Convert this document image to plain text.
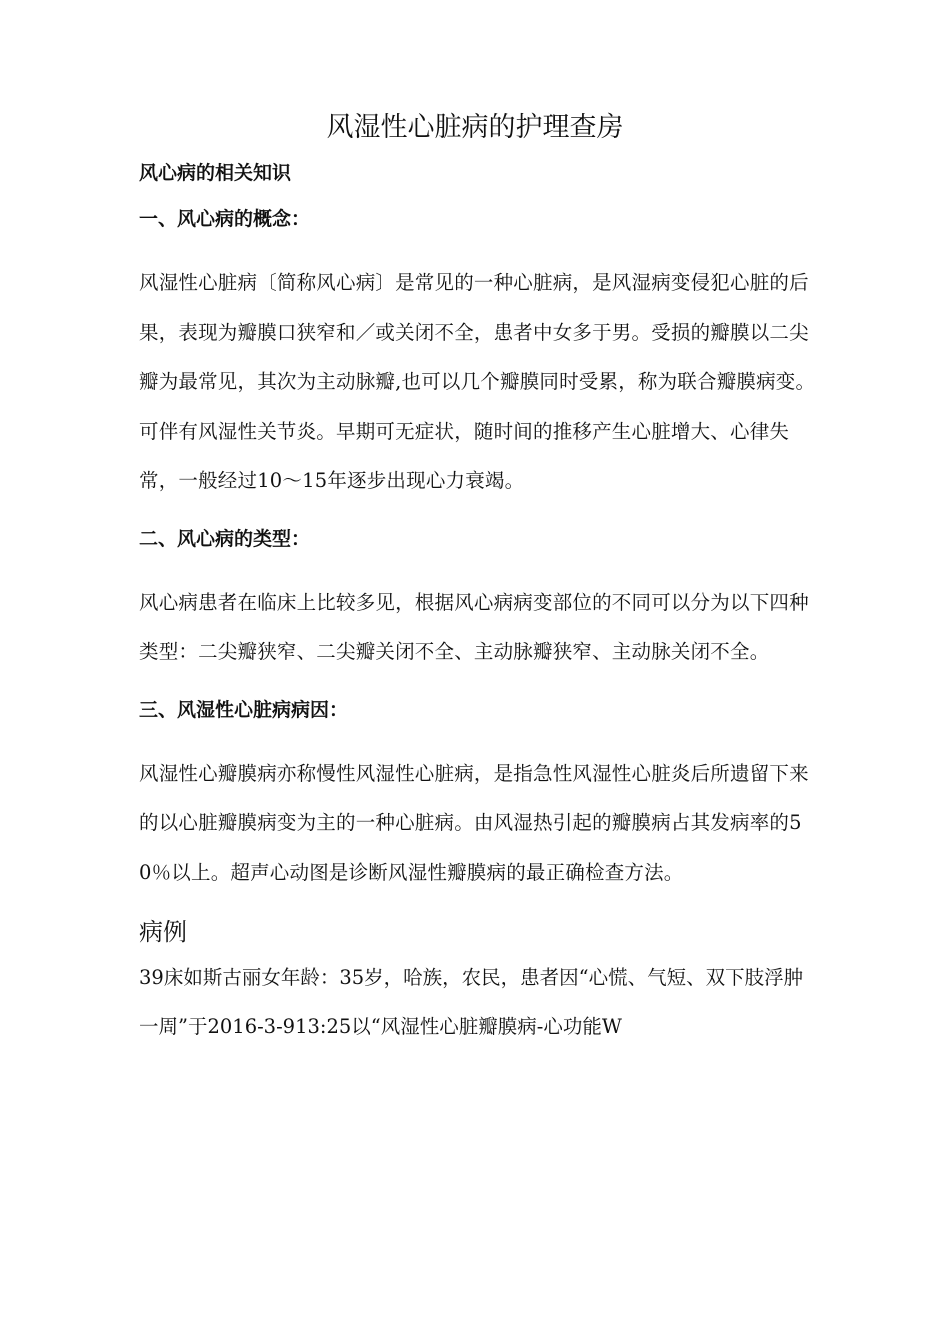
风湿性心脏病的护理查房

风心病的相关知识

一、风心病的概念：

风湿性心脏病〔简称风心病〕是常见的一种心脏病，是风湿病变侵犯心脏的后果，表现为瓣膜口狭窄和／或关闭不全，患者中女多于男。受损的瓣膜以二尖瓣为最常见，其次为主动脉瓣,也可以几个瓣膜同时受累，称为联合瓣膜病变。可伴有风湿性关节炎。早期可无症状，随时间的推移产生心脏增大、心律失常，一般经过10〜15年逐步出现心力衰竭。

二、风心病的类型：

风心病患者在临床上比较多见，根据风心病病变部位的不同可以分为以下四种类型：二尖瓣狭窄、二尖瓣关闭不全、主动脉瓣狭窄、主动脉关闭不全。

三、风湿性心脏病病因：

风湿性心瓣膜病亦称慢性风湿性心脏病，是指急性风湿性心脏炎后所遗留下来的以心脏瓣膜病变为主的一种心脏病。由风湿热引起的瓣膜病占其发病率的50％以上。超声心动图是诊断风湿性瓣膜病的最正确检查方法。

病例

39床如斯古丽女年龄：35岁，哈族，农民，患者因“心慌、气短、双下肢浮肿一周”于2016-3-913:25以“风湿性心脏瓣膜病-心功能W
